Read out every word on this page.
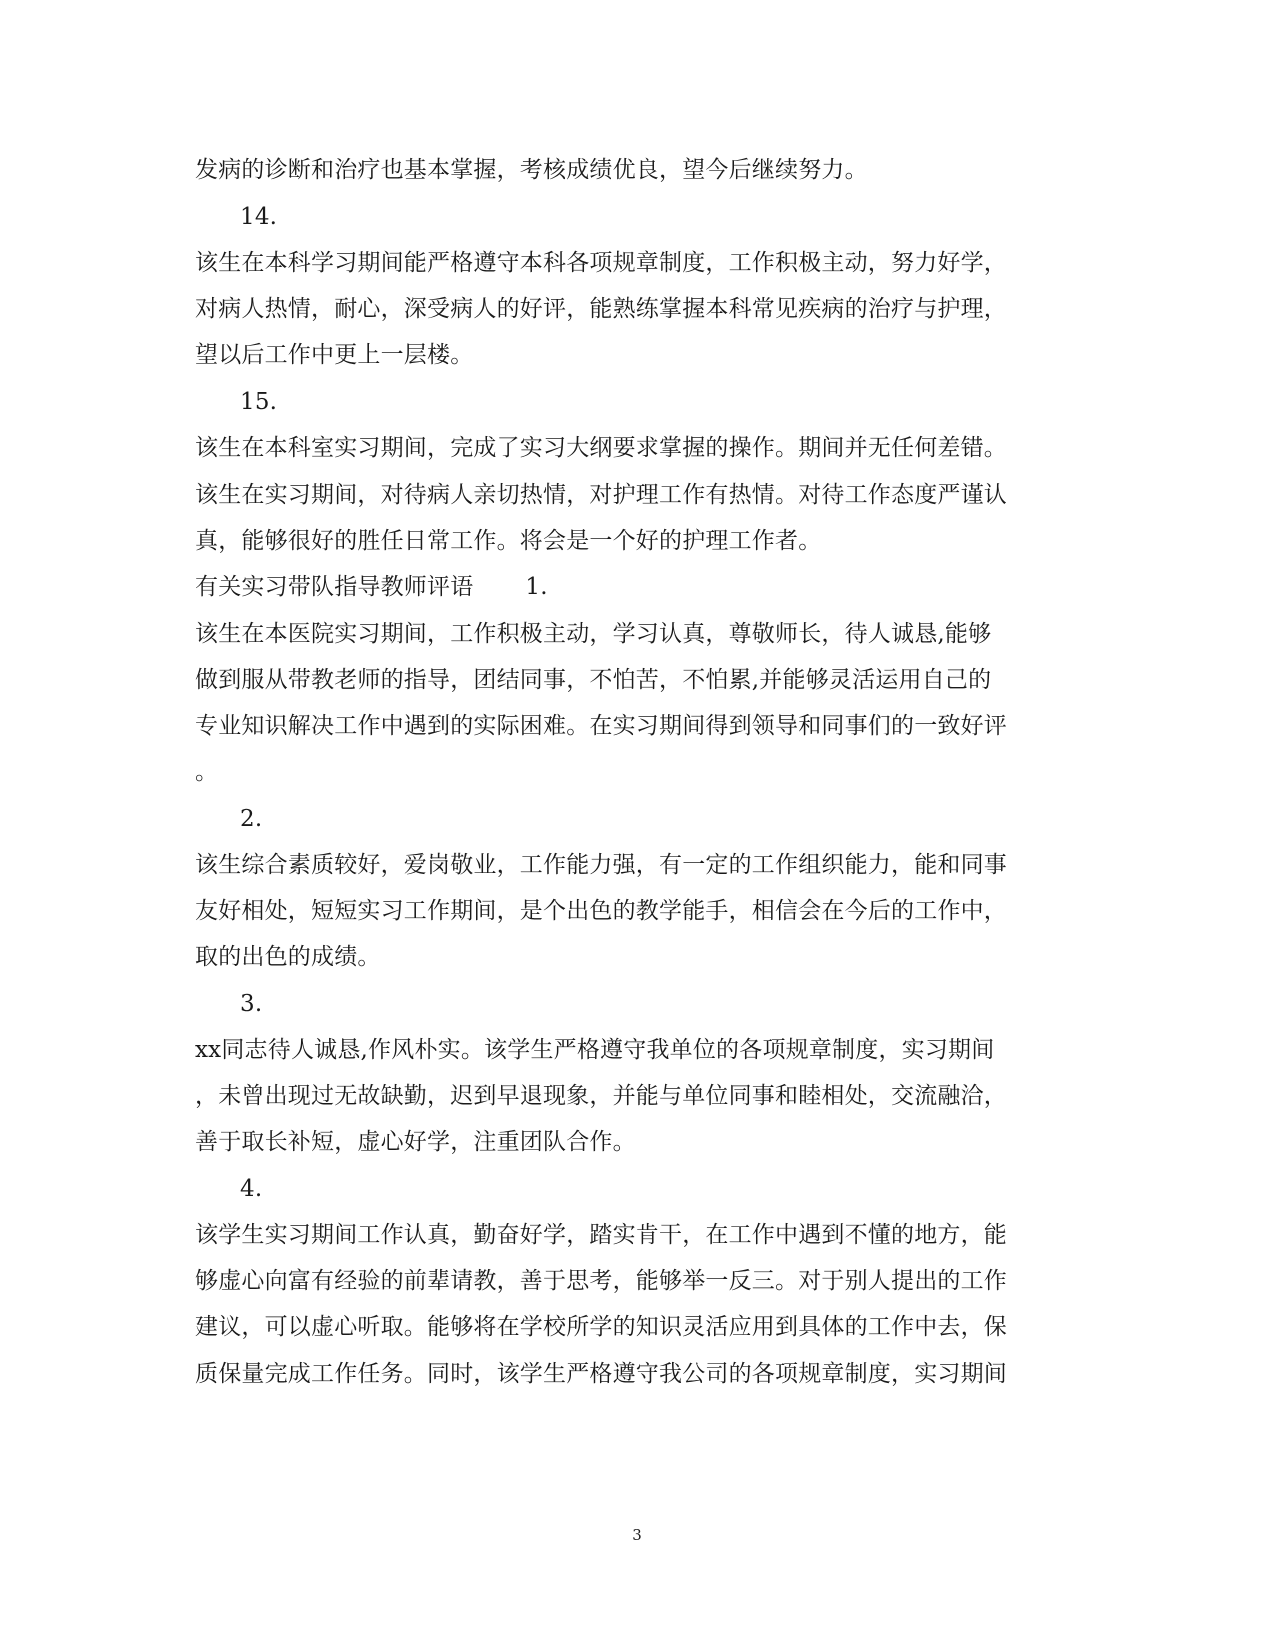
发病的诊断和治疗也基本掌握，考核成绩优良，望今后继续努力。
14.
该生在本科学习期间能严格遵守本科各项规章制度，工作积极主动，努力好学，
对病人热情，耐心，深受病人的好评，能熟练掌握本科常见疾病的治疗与护理，
望以后工作中更上一层楼。
15.
该生在本科室实习期间，完成了实习大纲要求掌握的操作。期间并无任何差错。
该生在实习期间，对待病人亲切热情，对护理工作有热情。对待工作态度严谨认
真，能够很好的胜任日常工作。将会是一个好的护理工作者。
有关实习带队指导教师评语 1.
该生在本医院实习期间，工作积极主动，学习认真，尊敬师长，待人诚恳,能够
做到服从带教老师的指导，团结同事，不怕苦，不怕累,并能够灵活运用自己的
专业知识解决工作中遇到的实际困难。在实习期间得到领导和同事们的一致好评
。
2.
该生综合素质较好，爱岗敬业，工作能力强，有一定的工作组织能力，能和同事
友好相处，短短实习工作期间，是个出色的教学能手，相信会在今后的工作中，
取的出色的成绩。
3.
xx同志待人诚恳,作风朴实。该学生严格遵守我单位的各项规章制度，实习期间
，未曾出现过无故缺勤，迟到早退现象，并能与单位同事和睦相处，交流融洽，
善于取长补短，虚心好学，注重团队合作。
4.
该学生实习期间工作认真，勤奋好学，踏实肯干，在工作中遇到不懂的地方，能
够虚心向富有经验的前辈请教，善于思考，能够举一反三。对于别人提出的工作
建议，可以虚心听取。能够将在学校所学的知识灵活应用到具体的工作中去，保
质保量完成工作任务。同时，该学生严格遵守我公司的各项规章制度，实习期间
3
